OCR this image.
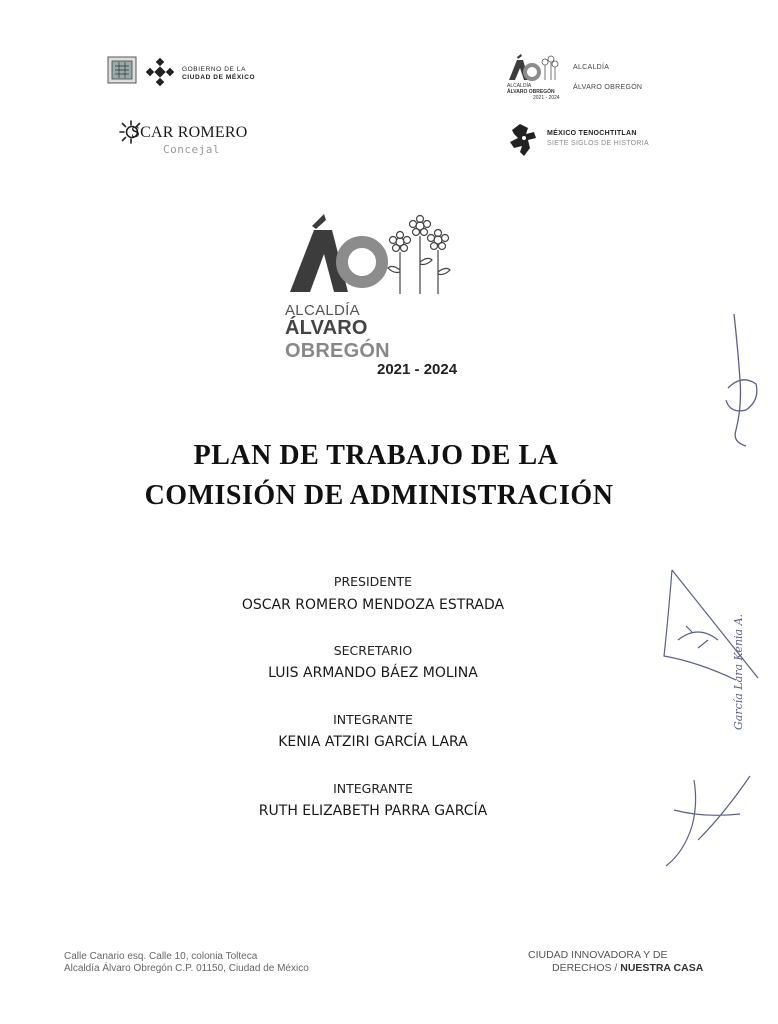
GOBIERNO DE LA
CIUDAD DE MÉXICO
SCAR ROMERO
Concejal
ALCALDÍA
ÁLVARO OBREGÓN
2021 - 2024
ALCALDÍA
ÁLVARO OBREGÓN
MÉXICO TENOCHTITLAN
SIETE SIGLOS DE HISTORIA
ALCALDÍA
ÁLVARO OBREGÓN
2021 - 2024
PLAN DE TRABAJO DE LA
COMISIÓN DE ADMINISTRACIÓN
PRESIDENTE
OSCAR ROMERO MENDOZA ESTRADA
SECRETARIO
LUIS ARMANDO BÁEZ MOLINA
INTEGRANTE
KENIA ATZIRI GARCÍA LARA
INTEGRANTE
RUTH ELIZABETH PARRA GARCÍA
García Lara Kenia A.
Calle Canario esq. Calle 10, colonia Tolteca
Alcaldía Álvaro Obregón C.P. 01150, Ciudad de México
CIUDAD INNOVADORA Y DE
DERECHOS / NUESTRA CASA
